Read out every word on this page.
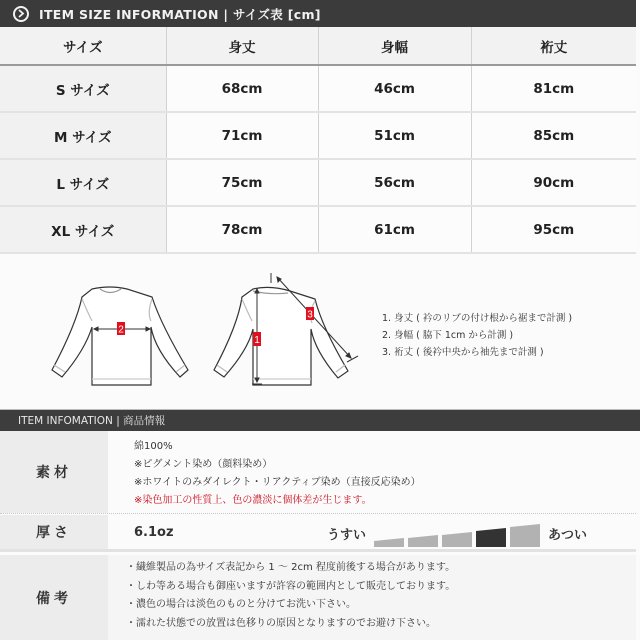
ITEM SIZE INFORMATION | サイズ表 [cm]
サイズ	身丈	身幅	裄丈
S サイズ	68cm	46cm	81cm
M サイズ	71cm	51cm	85cm
L サイズ	75cm	56cm	90cm
XL サイズ	78cm	61cm	95cm
2
1
3	1. 身丈 ( 衿のリブの付け根から裾まで計測 )
2. 身幅 ( 脇下 1cm から計測 )
3. 裄丈 ( 後衿中央から袖先まで計測 )
ITEM INFOMATION | 商品情報
素材
綿100%
※ピグメント染め（顔料染め）
※ホワイトのみダイレクト・リアクティブ染め（直接反応染め）
※染色加工の性質上、色の濃淡に個体差が生じます。
厚さ	6.1oz	うすい	あつい
備考
・繊維製品の為サイズ表記から 1 ～ 2cm 程度前後する場合があります。
・しわ等ある場合も御座いますが許容の範囲内として販売しております。
・濃色の場合は淡色のものと分けてお洗い下さい。
・濡れた状態での放置は色移りの原因となりますのでお避け下さい。
